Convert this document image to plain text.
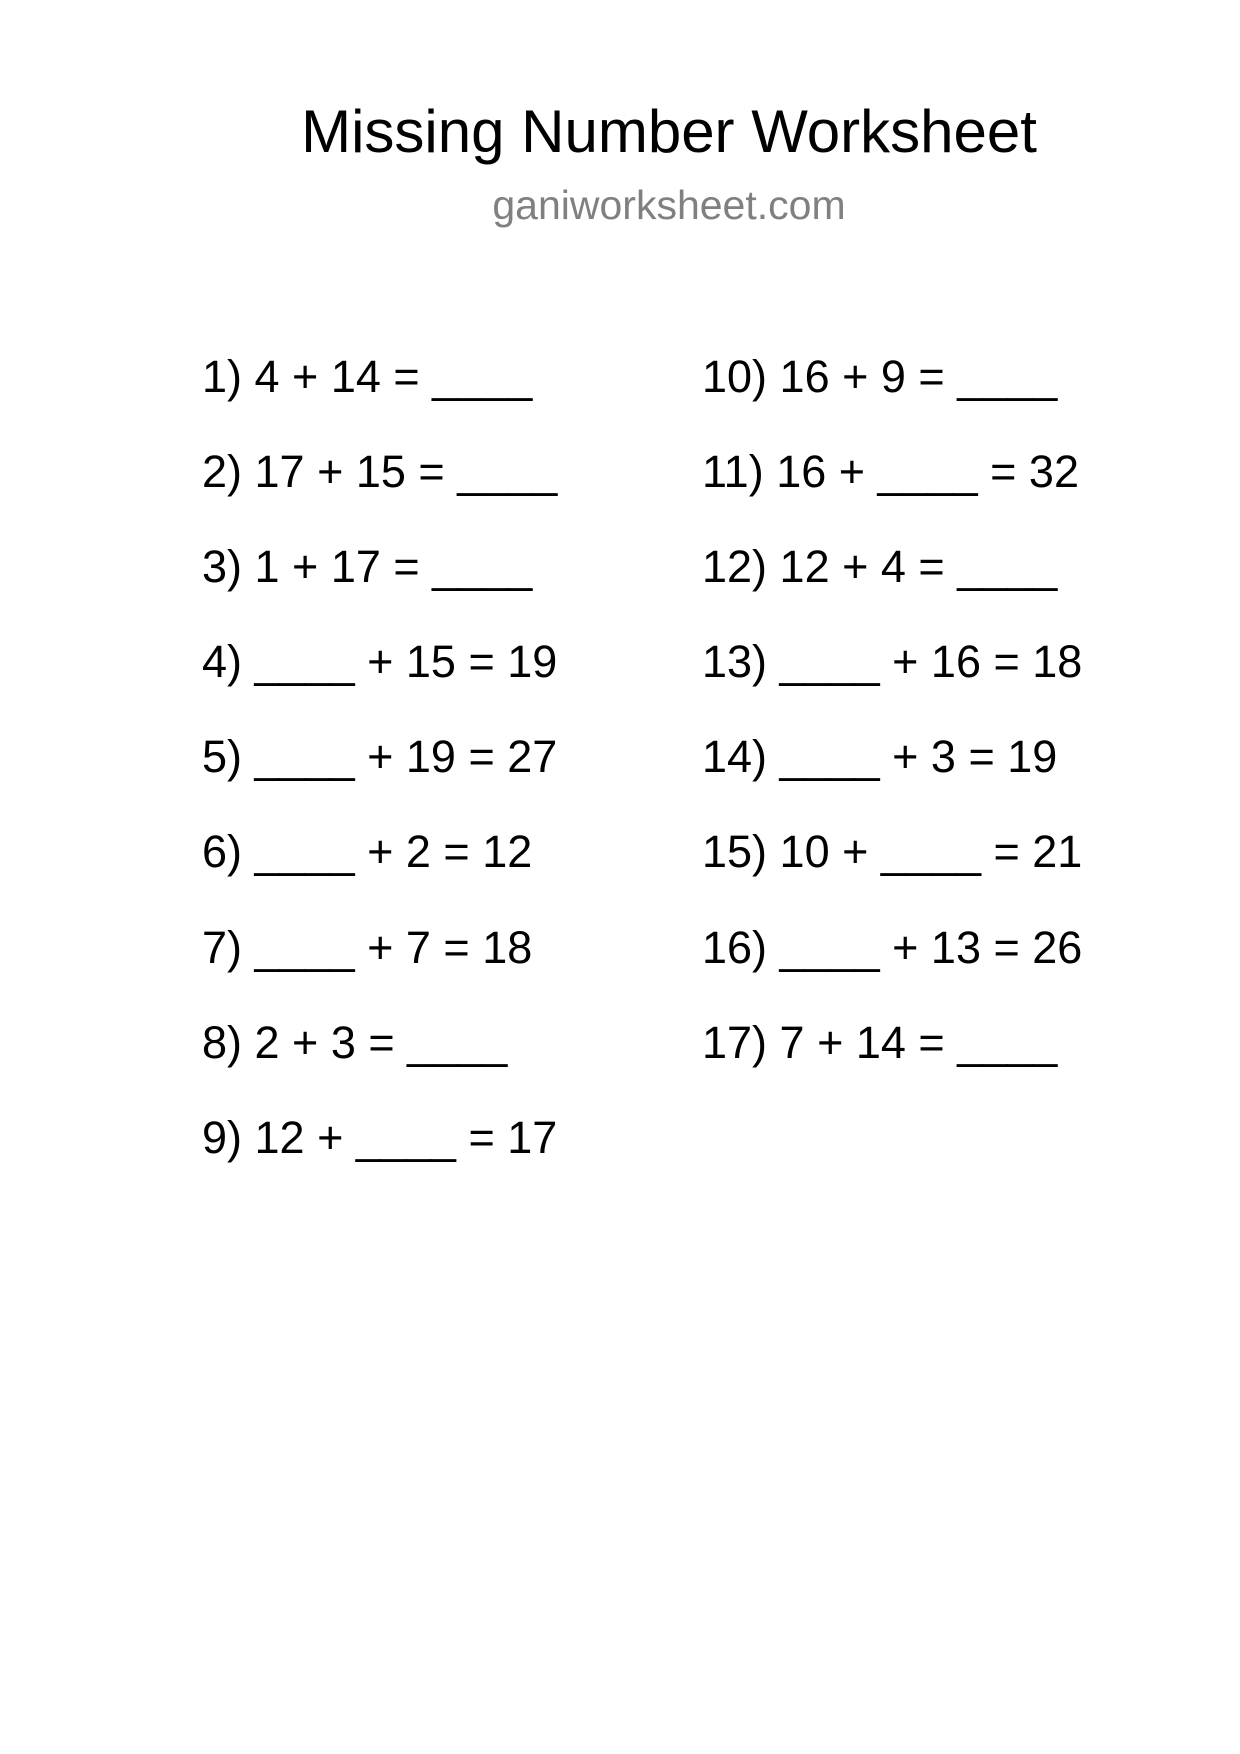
Missing Number Worksheet
ganiworksheet.com
1) 4 + 14 = ____
2) 17 + 15 = ____
3) 1 + 17 = ____
4) ____ + 15 = 19
5) ____ + 19 = 27
6) ____ + 2 = 12
7) ____ + 7 = 18
8) 2 + 3 = ____
9) 12 + ____ = 17
10) 16 + 9 = ____
11) 16 + ____ = 32
12) 12 + 4 = ____
13) ____ + 16 = 18
14) ____ + 3 = 19
15) 10 + ____ = 21
16) ____ + 13 = 26
17) 7 + 14 = ____
